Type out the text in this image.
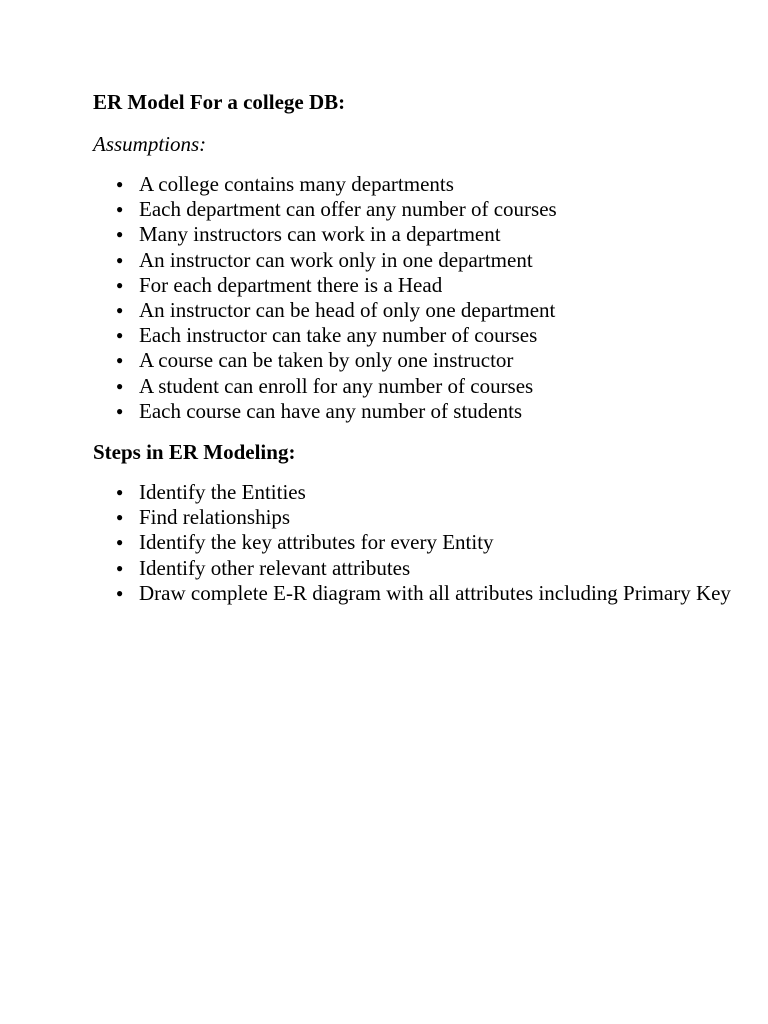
ER Model For a college DB:

Assumptions:

● A college contains many departments
● Each department can offer any number of courses
● Many instructors can work in a department
● An instructor can work only in one department
● For each department there is a Head
● An instructor can be head of only one department
● Each instructor can take any number of courses
● A course can be taken by only one instructor
● A student can enroll for any number of courses
● Each course can have any number of students
Steps in ER Modeling:
● Identify the Entities
● Find relationships
● Identify the key attributes for every Entity
● Identify other relevant attributes
● Draw complete E-R diagram with all attributes including Primary Key
